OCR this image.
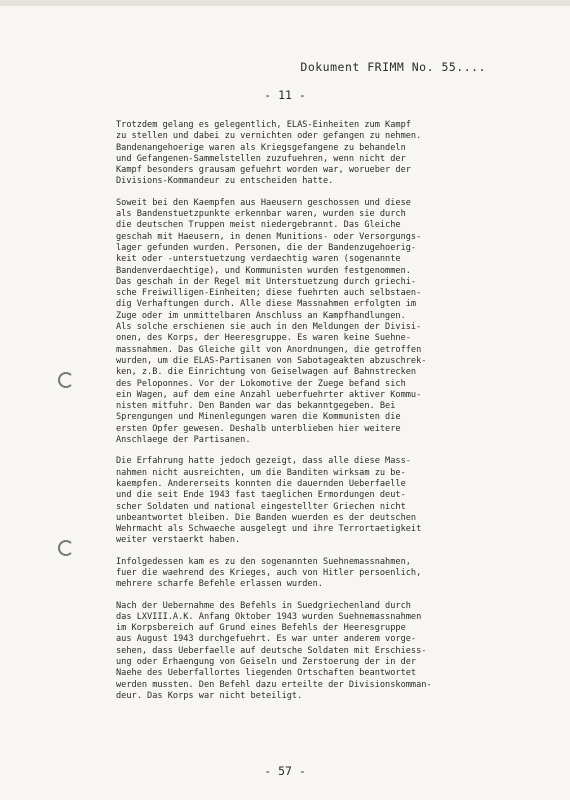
Dokument FRIMM No. 55....
- 11 -

Trotzdem gelang es gelegentlich, ELAS-Einheiten zum Kampf
zu stellen und dabei zu vernichten oder gefangen zu nehmen.
Bandenangehoerige waren als Kriegsgefangene zu behandeln
und Gefangenen-Sammelstellen zuzufuehren, wenn nicht der
Kampf besonders grausam gefuehrt worden war, worueber der
Divisions-Kommandeur zu entscheiden hatte.

Soweit bei den Kaempfen aus Haeusern geschossen und diese
als Bandenstuetzpunkte erkennbar waren, wurden sie durch
die deutschen Truppen meist niedergebrannt. Das Gleiche
geschah mit Haeusern, in denen Munitions- oder Versorgungs-
lager gefunden wurden. Personen, die der Bandenzugehoerig-
keit oder -unterstuetzung verdaechtig waren (sogenannte
Bandenverdaechtige), und Kommunisten wurden festgenommen.
Das geschah in der Regel mit Unterstuetzung durch griechi-
sche Freiwilligen-Einheiten; diese fuehrten auch selbstaen-
dig Verhaftungen durch. Alle diese Massnahmen erfolgten im
Zuge oder im unmittelbaren Anschluss an Kampfhandlungen.
Als solche erschienen sie auch in den Meldungen der Divisi-
onen, des Korps, der Heeresgruppe. Es waren keine Suehne-
massnahmen. Das Gleiche gilt von Anordnungen, die getroffen
wurden, um die ELAS-Partisanen von Sabotageakten abzuschrek-
ken, z.B. die Einrichtung von Geiselwagen auf Bahnstrecken
des Peloponnes. Vor der Lokomotive der Zuege befand sich
ein Wagen, auf dem eine Anzahl ueberfuehrter aktiver Kommu-
nisten mitfuhr. Den Banden war das bekanntgegeben. Bei
Sprengungen und Minenlegungen waren die Kommunisten die
ersten Opfer gewesen. Deshalb unterblieben hier weitere
Anschlaege der Partisanen.

Die Erfahrung hatte jedoch gezeigt, dass alle diese Mass-
nahmen nicht ausreichten, um die Banditen wirksam zu be-
kaempfen. Andererseits konnten die dauernden Ueberfaelle
und die seit Ende 1943 fast taeglichen Ermordungen deut-
scher Soldaten und national eingestellter Griechen nicht
unbeantwortet bleiben. Die Banden wuerden es der deutschen
Wehrmacht als Schwaeche ausgelegt und ihre Terrortaetigkeit
weiter verstaerkt haben.

Infolgedessen kam es zu den sogenannten Suehnemassnahmen,
fuer die waehrend des Krieges, auch von Hitler persoenlich,
mehrere scharfe Befehle erlassen wurden.

Nach der Uebernahme des Befehls in Suedgriechenland durch
das LXVIII.A.K. Anfang Oktober 1943 wurden Suehnemassnahmen
im Korpsbereich auf Grund eines Befehls der Heeresgruppe
aus August 1943 durchgefuehrt. Es war unter anderem vorge-
sehen, dass Ueberfaelle auf deutsche Soldaten mit Erschiess-
ung oder Erhaengung von Geiseln und Zerstoerung der in der
Naehe des Ueberfallortes liegenden Ortschaften beantwortet
werden mussten. Den Befehl dazu erteilte der Divisionskomman-
deur. Das Korps war nicht beteiligt.

- 57 -
